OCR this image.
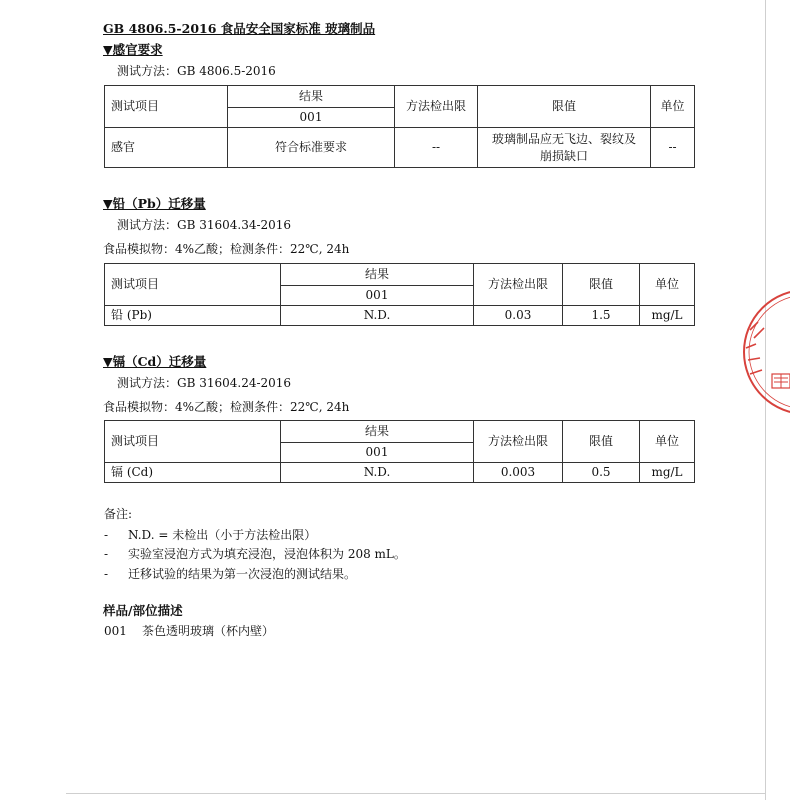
GB 4806.5-2016 食品安全国家标准 玻璃制品
▼感官要求
测试方法：GB 4806.5-2016
测试项目	结果	方法检出限	限值	单位
	001			
感官	符合标准要求	--	玻璃制品应无飞边、裂纹及
崩损缺口	--
▼铅（Pb）迁移量
测试方法：GB 31604.34-2016
食品模拟物：4%乙酸；检测条件：22℃, 24h
测试项目	结果	方法检出限	限值	单位
	001			
铅 (Pb)	N.D.	0.03	1.5	mg/L
▼镉（Cd）迁移量
测试方法：GB 31604.24-2016
食品模拟物：4%乙酸；检测条件：22℃, 24h
测试项目	结果	方法检出限	限值	单位
	001			
镉 (Cd)	N.D.	0.003	0.5	mg/L
备注:
- N.D. = 未检出（小于方法检出限）
- 实验室浸泡方式为填充浸泡，浸泡体积为 208 mL。
- 迁移试验的结果为第一次浸泡的测试结果。
样品/部位描述
001 茶色透明玻璃（杯内壁）
